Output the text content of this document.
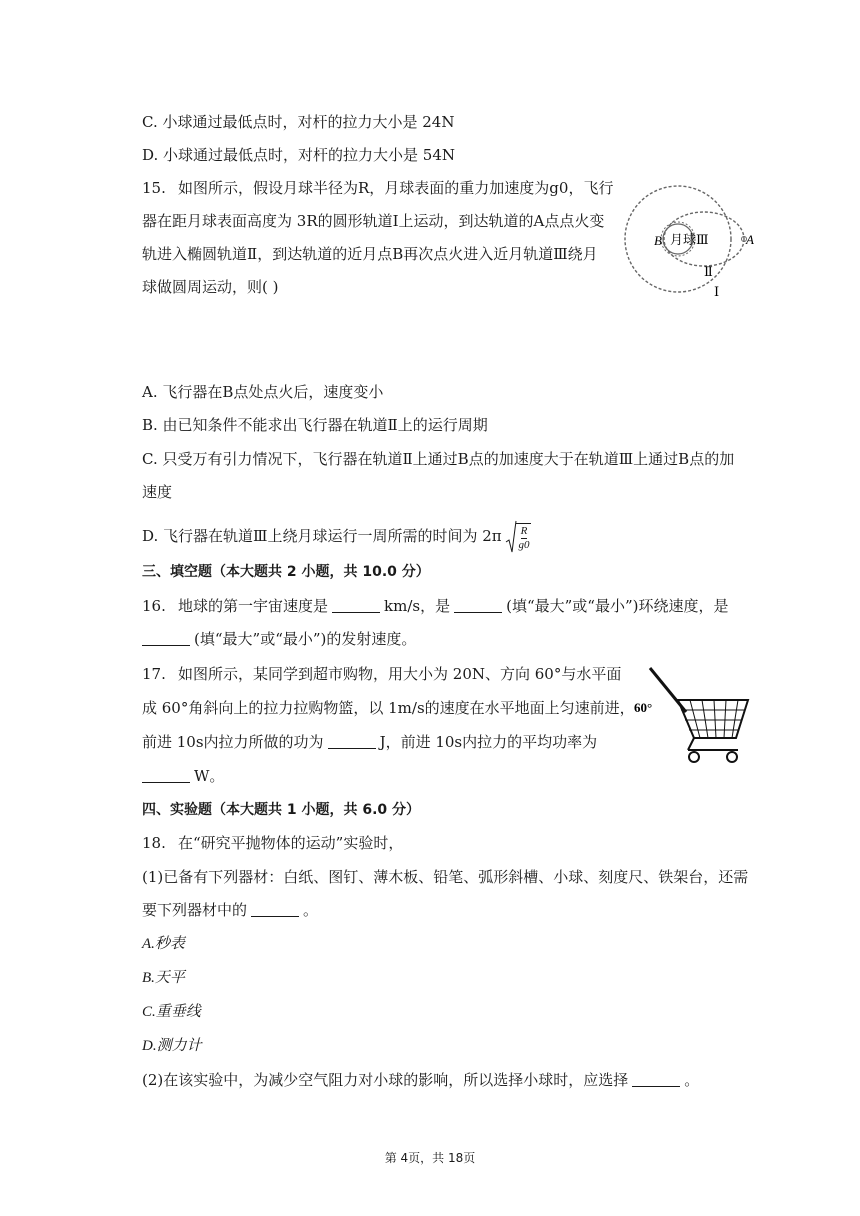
C. 小球通过最低点时，对杆的拉力大小是 24N
D. 小球通过最低点时，对杆的拉力大小是 54N
15. 如图所示，假设月球半径为R，月球表面的重力加速度为g0，飞行
器在距月球表面高度为 3R的圆形轨道Ⅰ上运动，到达轨道的A点点火变
轨进入椭圆轨道Ⅱ，到达轨道的近月点B再次点火进入近月轨道Ⅲ绕月
球做圆周运动，则( )
月球Ⅲ
B	A
Ⅱ
Ⅰ
A. 飞行器在B点处点火后，速度变小
B. 由已知条件不能求出飞行器在轨道Ⅱ上的运行周期
C. 只受万有引力情况下，飞行器在轨道Ⅱ上通过B点的加速度大于在轨道Ⅲ上通过B点的加
速度
D. 飞行器在轨道Ⅲ上绕月球运行一周所需的时间为 $2\pi \frac{R}{g0}$
三、填空题（本大题共 2 小题，共 10.0 分）
16. 地球的第一宇宙速度是	km/s，是	(填“最大”或“最小”)环绕速度，是
(填“最大”或“最小”)的发射速度。
17. 如图所示，某同学到超市购物，用大小为 20N、方向 60°与水平面
成 60°角斜向上的拉力拉购物篮，以 1m/s的速度在水平地面上匀速前进，
前进 10s内拉力所做的功为	J，前进 10s内拉力的平均功率为
W。
60°
四、实验题（本大题共 1 小题，共 6.0 分）
18. 在“研究平抛物体的运动”实验时，
(1)已备有下列器材：白纸、图钉、薄木板、铅笔、弧形斜槽、小球、刻度尺、铁架台，还需
要下列器材中的	。
A.秒表
B.天平
C.重垂线
D.测力计
(2)在该实验中，为减少空气阻力对小球的影响，所以选择小球时，应选择	。
第 4页，共 18页
